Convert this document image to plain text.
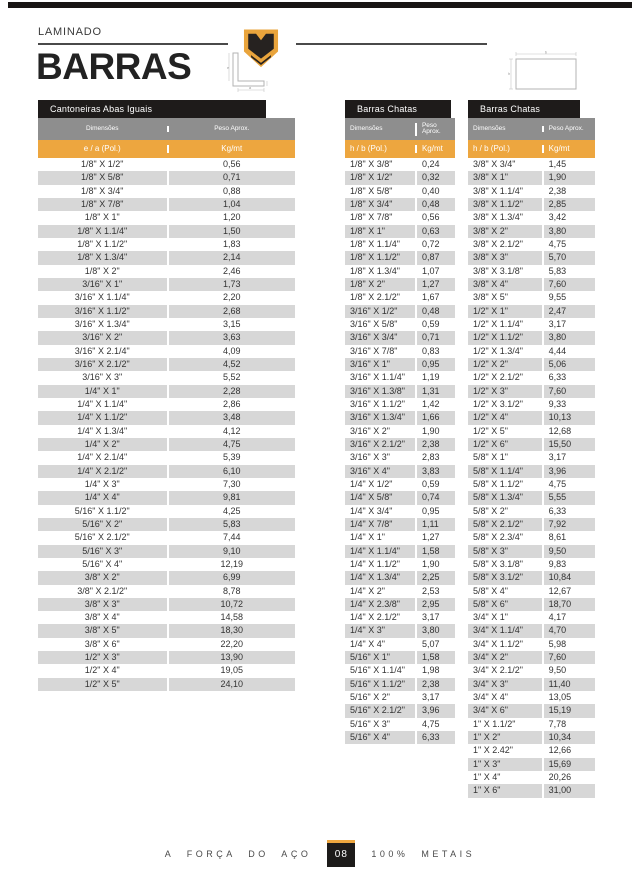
LAMINADO
BARRAS
a
e
b
h
Cantoneiras Abas Iguais
Dimensões	Peso Aprox.
e / a (Pol.)	Kg/mt
1/8" X 1/2"	0,56
1/8" X 5/8"	0,71
1/8" X 3/4"	0,88
1/8" X 7/8"	1,04
1/8" X 1"	1,20
1/8" X 1.1/4"	1,50
1/8" X 1.1/2"	1,83
1/8" X 1.3/4"	2,14
1/8" X 2"	2,46
3/16" X 1"	1,73
3/16" X 1.1/4"	2,20
3/16" X 1.1/2"	2,68
3/16" X 1.3/4"	3,15
3/16" X 2"	3,63
3/16" X 2.1/4"	4,09
3/16" X 2.1/2"	4,52
3/16" X 3"	5,52
1/4" X 1"	2,28
1/4" X 1.1/4"	2,86
1/4" X 1.1/2"	3,48
1/4" X 1.3/4"	4,12
1/4" X 2"	4,75
1/4" X 2.1/4"	5,39
1/4" X 2.1/2"	6,10
1/4" X 3"	7,30
1/4" X 4"	9,81
5/16" X 1.1/2"	4,25
5/16" X 2"	5,83
5/16" X 2.1/2"	7,44
5/16" X 3"	9,10
5/16" X 4"	12,19
3/8" X 2"	6,99
3/8" X 2.1/2"	8,78
3/8" X 3"	10,72
3/8" X 4"	14,58
3/8" X 5"	18,30
3/8" X 6"	22,20
1/2" X 3"	13,90
1/2" X 4"	19,05
1/2" X 5"	24,10
Barras Chatas
Dimensões	Peso Aprox.
h / b (Pol.)	Kg/mt
1/8" X 3/8"	0,24
1/8" X 1/2"	0,32
1/8" X 5/8"	0,40
1/8" X 3/4"	0,48
1/8" X 7/8"	0,56
1/8" X 1"	0,63
1/8" X 1.1/4"	0,72
1/8" X 1.1/2"	0,87
1/8" X 1.3/4"	1,07
1/8" X 2"	1,27
1/8" X 2.1/2"	1,67
3/16" X 1/2"	0,48
3/16" X 5/8"	0,59
3/16" X 3/4"	0,71
3/16" X 7/8"	0,83
3/16" X 1"	0,95
3/16" X 1.1/4"	1,19
3/16" X 1.3/8"	1,31
3/16" X 1.1/2"	1,42
3/16" X 1.3/4"	1,66
3/16" X 2"	1,90
3/16" X 2.1/2"	2,38
3/16" X 3"	2,83
3/16" X 4"	3,83
1/4" X 1/2"	0,59
1/4" X 5/8"	0,74
1/4" X 3/4"	0,95
1/4" X 7/8"	1,11
1/4" X 1"	1,27
1/4" X 1.1/4"	1,58
1/4" X 1.1/2"	1,90
1/4" X 1.3/4"	2,25
1/4" X 2"	2,53
1/4" X 2.3/8"	2,95
1/4" X 2.1/2"	3,17
1/4" X 3"	3,80
1/4" X 4"	5,07
5/16" X 1"	1,58
5/16" X 1.1/4"	1,98
5/16" X 1.1/2"	2,38
5/16" X 2"	3,17
5/16" X 2.1/2"	3,96
5/16" X 3"	4,75
5/16" X 4"	6,33
Barras Chatas
Dimensões	Peso Aprox.
h / b (Pol.)	Kg/mt
3/8" X 3/4"	1,45
3/8" X 1"	1,90
3/8" X 1.1/4"	2,38
3/8" X 1.1/2"	2,85
3/8" X 1.3/4"	3,42
3/8" X 2"	3,80
3/8" X 2.1/2"	4,75
3/8" X 3"	5,70
3/8" X 3.1/8"	5,83
3/8" X 4"	7,60
3/8" X 5"	9,55
1/2" X 1"	2,47
1/2" X 1.1/4"	3,17
1/2" X 1.1/2"	3,80
1/2" X 1.3/4"	4,44
1/2" X 2"	5,06
1/2" X 2.1/2"	6,33
1/2" X 3"	7,60
1/2" X 3.1/2"	9,33
1/2" X 4"	10,13
1/2" X 5"	12,68
1/2" X 6"	15,50
5/8" X 1"	3,17
5/8" X 1.1/4"	3,96
5/8" X 1.1/2"	4,75
5/8" X 1.3/4"	5,55
5/8" X 2"	6,33
5/8" X 2.1/2"	7,92
5/8" X 2.3/4"	8,61
5/8" X 3"	9,50
5/8" X 3.1/8"	9,83
5/8" X 3.1/2"	10,84
5/8" X 4"	12,67
5/8" X 6"	18,70
3/4" X 1"	4,17
3/4" X 1.1/4"	4,70
3/4" X 1.1/2"	5,98
3/4" X 2"	7,60
3/4" X 2.1/2"	9,50
3/4" X 3"	11,40
3/4" X 4"	13,05
3/4" X 6"	15,19
1" X 1.1/2"	7,78
1" X 2"	10,34
1" X 2.42"	12,66
1" X 3"	15,69
1" X 4"	20,26
1" X 6"	31,00
A FORÇA DO AÇO	08	100% METAIS
